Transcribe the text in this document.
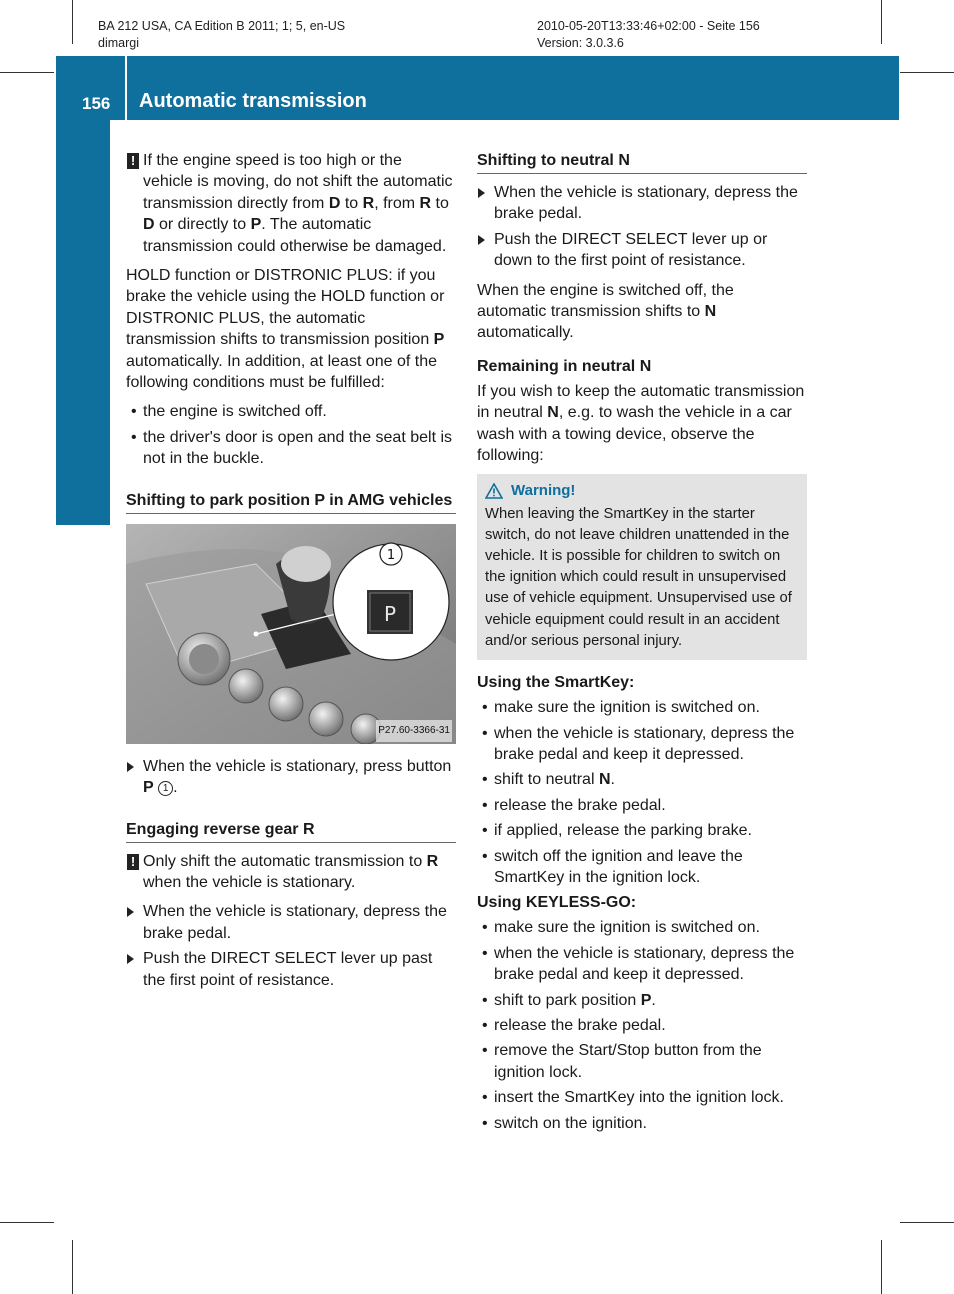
BA 212 USA, CA Edition B 2011; 1; 5, en-US
dimargi
2010-05-20T13:33:46+02:00 - Seite 156
Version: 3.0.3.6
156 Automatic transmission
Driving and parking
! If the engine speed is too high or the vehicle is moving, do not shift the automatic transmission directly from D to R, from R to D or directly to P. The automatic transmission could otherwise be damaged.

HOLD function or DISTRONIC PLUS: if you brake the vehicle using the HOLD function or DISTRONIC PLUS, the automatic transmission shifts to transmission position P automatically. In addition, at least one of the following conditions must be fulfilled:

• the engine is switched off.
• the driver's door is open and the seat belt is not in the buckle.
Shifting to park position P in AMG vehicles
1
P
P27.60-3366-31
When the vehicle is stationary, press button P 1 .
Engaging reverse gear R
! Only shift the automatic transmission to R when the vehicle is stationary.
When the vehicle is stationary, depress the brake pedal.
Push the DIRECT SELECT lever up past the first point of resistance.
Shifting to neutral N
When the vehicle is stationary, depress the brake pedal.
Push the DIRECT SELECT lever up or down to the first point of resistance.

When the engine is switched off, the automatic transmission shifts to N automatically.

Remaining in neutral N

If you wish to keep the automatic transmission in neutral N, e.g. to wash the vehicle in a car wash with a towing device, observe the following:

Warning!
When leaving the SmartKey in the starter switch, do not leave children unattended in the vehicle. It is possible for children to switch on the ignition which could result in unsupervised use of vehicle equipment. Unsupervised use of vehicle equipment could result in an accident and/or serious personal injury.
Using the SmartKey:
• make sure the ignition is switched on.
• when the vehicle is stationary, depress the brake pedal and keep it depressed.
• shift to neutral N.
• release the brake pedal.
• if applied, release the parking brake.
• switch off the ignition and leave the SmartKey in the ignition lock.
Using KEYLESS-GO:
• make sure the ignition is switched on.
• when the vehicle is stationary, depress the brake pedal and keep it depressed.
• shift to park position P.
• release the brake pedal.
• remove the Start/Stop button from the ignition lock.
• insert the SmartKey into the ignition lock.
• switch on the ignition.
